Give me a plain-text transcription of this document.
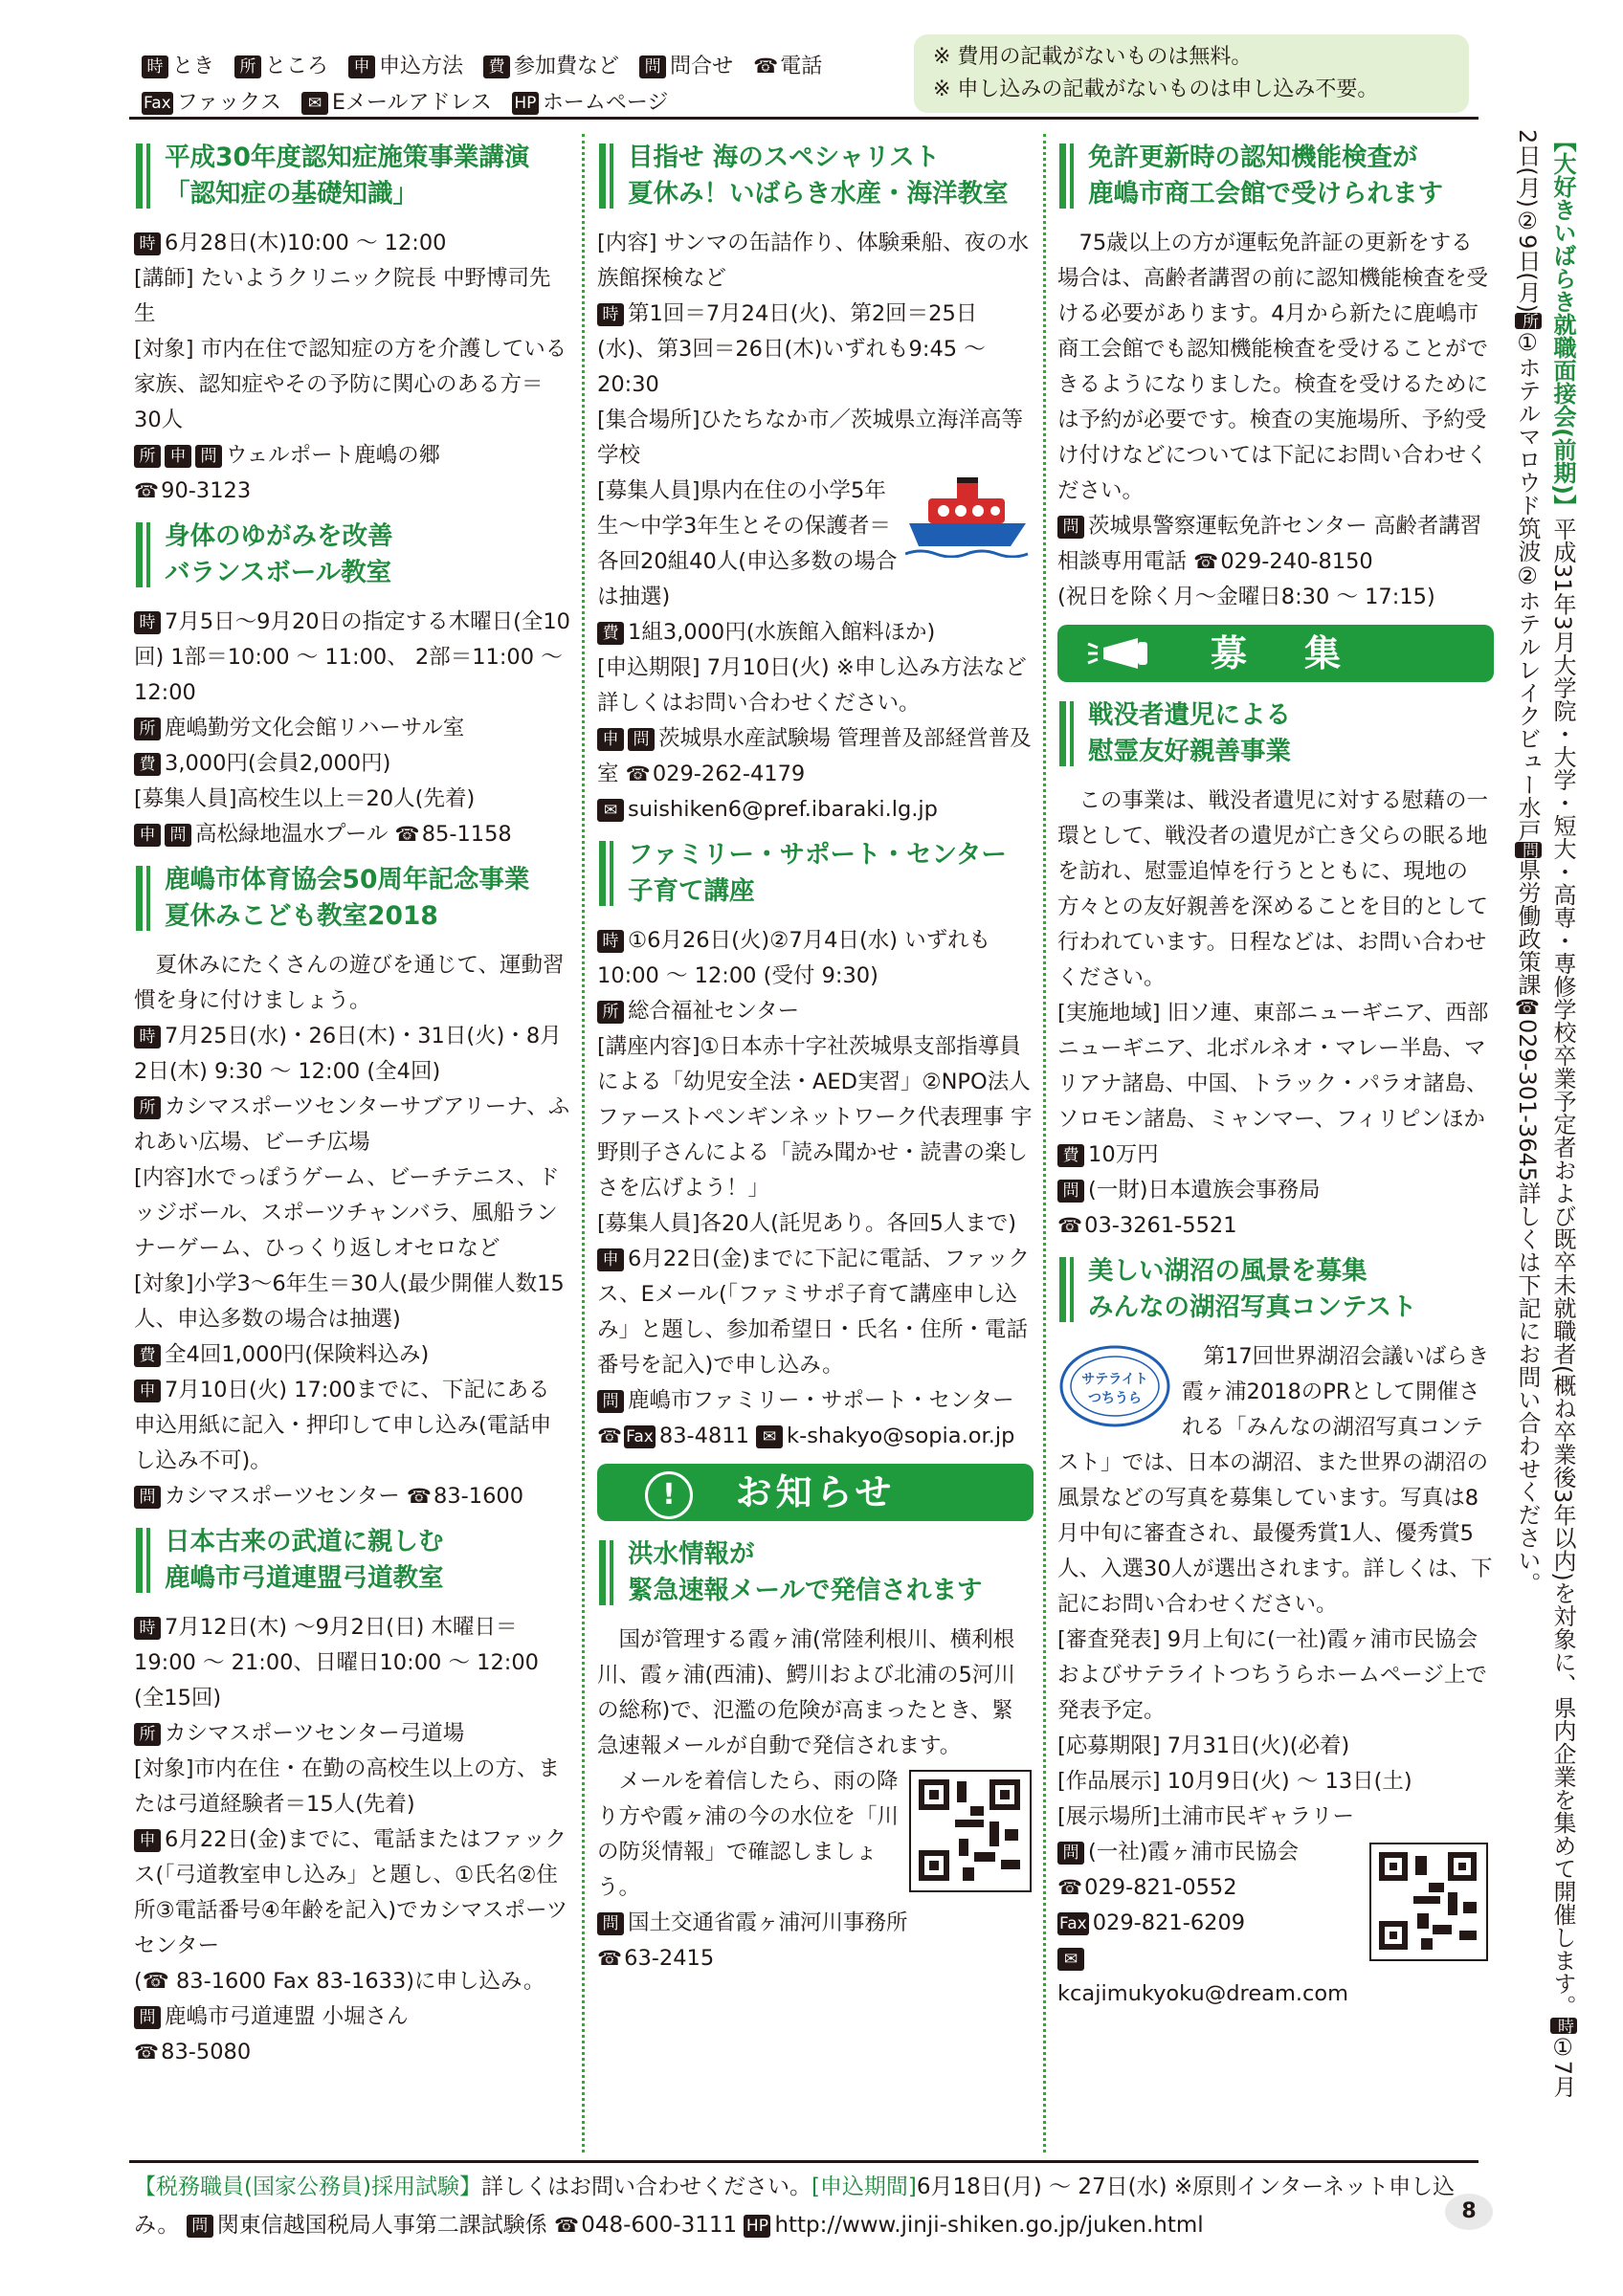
時 とき 所 ところ 申 申込方法 費 参加費など 問 問合せ ☎電話
Fax ファックス ✉ Eメールアドレス HP ホームページ
※ 費用の記載がないものは無料。
※ 申し込みの記載がないものは申し込み不要。
平成30年度認知症施策事業講演
「認知症の基礎知識」

時 6月28日(木)10:00 ～ 12:00

[講師] たいようクリニック院長 中野博司先生

[対象] 市内在住で認知症の方を介護している家族、認知症やその予防に関心のある方＝30人

所 申 問 ウェルポート鹿嶋の郷

☎90-3123

身体のゆがみを改善
バランスボール教室

時 7月5日～9月20日の指定する木曜日(全10回) 1部＝10:00 ～ 11:00、 2部＝11:00 ～ 12:00

所 鹿嶋勤労文化会館リハーサル室

費 3,000円(会員2,000円)

[募集人員]高校生以上＝20人(先着)

申 問 高松緑地温水プール ☎85-1158

鹿嶋市体育協会50周年記念事業
夏休みこども教室2018

夏休みにたくさんの遊びを通じて、運動習慣を身に付けましょう。

時 7月25日(水)・26日(木)・31日(火)・8月2日(木) 9:30 ～ 12:00 (全4回)

所 カシマスポーツセンターサブアリーナ、ふれあい広場、ビーチ広場

[内容]水でっぽうゲーム、ビーチテニス、ドッジボール、スポーツチャンバラ、風船ランナーゲーム、ひっくり返しオセロなど

[対象]小学3～6年生＝30人(最少開催人数15人、申込多数の場合は抽選)

費 全4回1,000円(保険料込み)

申 7月10日(火) 17:00までに、下記にある申込用紙に記入・押印して申し込み(電話申し込み不可)。

問 カシマスポーツセンター ☎83-1600

日本古来の武道に親しむ
鹿嶋市弓道連盟弓道教室

時 7月12日(木) ～9月2日(日) 木曜日＝19:00 ～ 21:00、日曜日10:00 ～ 12:00 (全15回)

所 カシマスポーツセンター弓道場

[対象]市内在住・在勤の高校生以上の方、または弓道経験者＝15人(先着)

申 6月22日(金)までに、電話またはファックス(「弓道教室申し込み」と題し、①氏名②住所③電話番号④年齢を記入)でカシマスポーツセンター

(☎ 83-1600 Fax 83-1633)に申し込み。

問 鹿嶋市弓道連盟 小堀さん

☎83-5080

目指せ 海のスペシャリスト
夏休み！いばらき水産・海洋教室

[内容] サンマの缶詰作り、体験乗船、夜の水族館探検など

時 第1回＝7月24日(火)、第2回＝25日(水)、第3回＝26日(木)いずれも9:45 ～ 20:30

[集合場所]ひたちなか市／茨城県立海洋高等学校

[募集人員]県内在住の小学5年生～中学3年生とその保護者＝各回20組40人(申込多数の場合は抽選)

費 1組3,000円(水族館入館料ほか)

[申込期限] 7月10日(火) ※申し込み方法など詳しくはお問い合わせください。

申 問 茨城県水産試験場 管理普及部経営普及室 ☎029-262-4179

✉ suishiken6@pref.ibaraki.lg.jp

ファミリー・サポート・センター
子育て講座

時 ①6月26日(火)②7月4日(水) いずれも10:00 ～ 12:00 (受付 9:30)

所 総合福祉センター

[講座内容]①日本赤十字社茨城県支部指導員による「幼児安全法・AED実習」②NPO法人ファーストペンギンネットワーク代表理事 宇野則子さんによる「読み聞かせ・読書の楽しさを広げよう！」

[募集人員]各20人(託児あり。各回5人まで)

申 6月22日(金)までに下記に電話、ファックス、Eメール(「ファミサポ子育て講座申し込み」と題し、参加希望日・氏名・住所・電話番号を記入)で申し込み。

問 鹿嶋市ファミリー・サポート・センター

☎ Fax 83-4811 ✉ k-shakyo@sopia.or.jp

!	お知らせ
洪水情報が
緊急速報メールで発信されます

国が管理する霞ヶ浦(常陸利根川、横利根川、霞ヶ浦(西浦)、鰐川および北浦の5河川の総称)で、氾濫の危険が高まったとき、緊急速報メールが自動で発信されます。

メールを着信したら、雨の降り方や霞ヶ浦の今の水位を「川の防災情報」で確認しましょう。

問 国土交通省霞ヶ浦河川事務所

☎63-2415

免許更新時の認知機能検査が
鹿嶋市商工会館で受けられます

75歳以上の方が運転免許証の更新をする場合は、高齢者講習の前に認知機能検査を受ける必要があります。4月から新たに鹿嶋市商工会館でも認知機能検査を受けることができるようになりました。検査を受けるためには予約が必要です。検査の実施場所、予約受け付けなどについては下記にお問い合わせください。

問 茨城県警察運転免許センター 高齢者講習相談専用電話 ☎029-240-8150

(祝日を除く月～金曜日8:30 ～ 17:15)

募集
戦没者遺児による
慰霊友好親善事業

この事業は、戦没者遺児に対する慰藉の一環として、戦没者の遺児が亡き父らの眠る地を訪れ、慰霊追悼を行うとともに、現地の方々との友好親善を深めることを目的として行われています。日程などは、お問い合わせください。

[実施地域] 旧ソ連、東部ニューギニア、西部ニューギニア、北ボルネオ・マレー半島、マリアナ諸島、中国、トラック・パラオ諸島、ソロモン諸島、ミャンマー、フィリピンほか

費 10万円

問 (一財)日本遺族会事務局

☎03-3261-5521

美しい湖沼の風景を募集
みんなの湖沼写真コンテスト
サテライト
つちうら

第17回世界湖沼会議いばらき霞ヶ浦2018のPRとして開催される「みんなの湖沼写真コンテスト」では、日本の湖沼、また世界の湖沼の風景などの写真を募集しています。写真は8月中旬に審査され、最優秀賞1人、優秀賞5人、入選30人が選出されます。詳しくは、下記にお問い合わせください。

[審査発表] 9月上旬に(一社)霞ヶ浦市民協会およびサテライトつちうらホームページ上で発表予定。

[応募期限] 7月31日(火)(必着)

[作品展示] 10月9日(火) ～ 13日(土)

[展示場所]土浦市民ギャラリー

問 (一社)霞ヶ浦市民協会

☎029-821-0552

Fax 029-821-6209

✉kcajimukyoku@dream.com

【大好きいばらき就職面接会(前期)】平成31年3月大学院・大学・短大・高専・専修学校卒業予定者および既卒未就職者(概ね卒業後3年以内)を対象に、県内企業を集めて開催します。時①7月2日(月)②9日(月)所①ホテルマロウド筑波②ホテルレイクビュー水戸問県労働政策課☎029-301-3645詳しくは下記にお問い合わせください。
【税務職員(国家公務員)採用試験】詳しくはお問い合わせください。[申込期間]6月18日(月) ～ 27日(水) ※原則インターネット申し込み。 問 関東信越国税局人事第二課試験係 ☎048-600-3111 HP http://www.jinji-shiken.go.jp/juken.html
8
